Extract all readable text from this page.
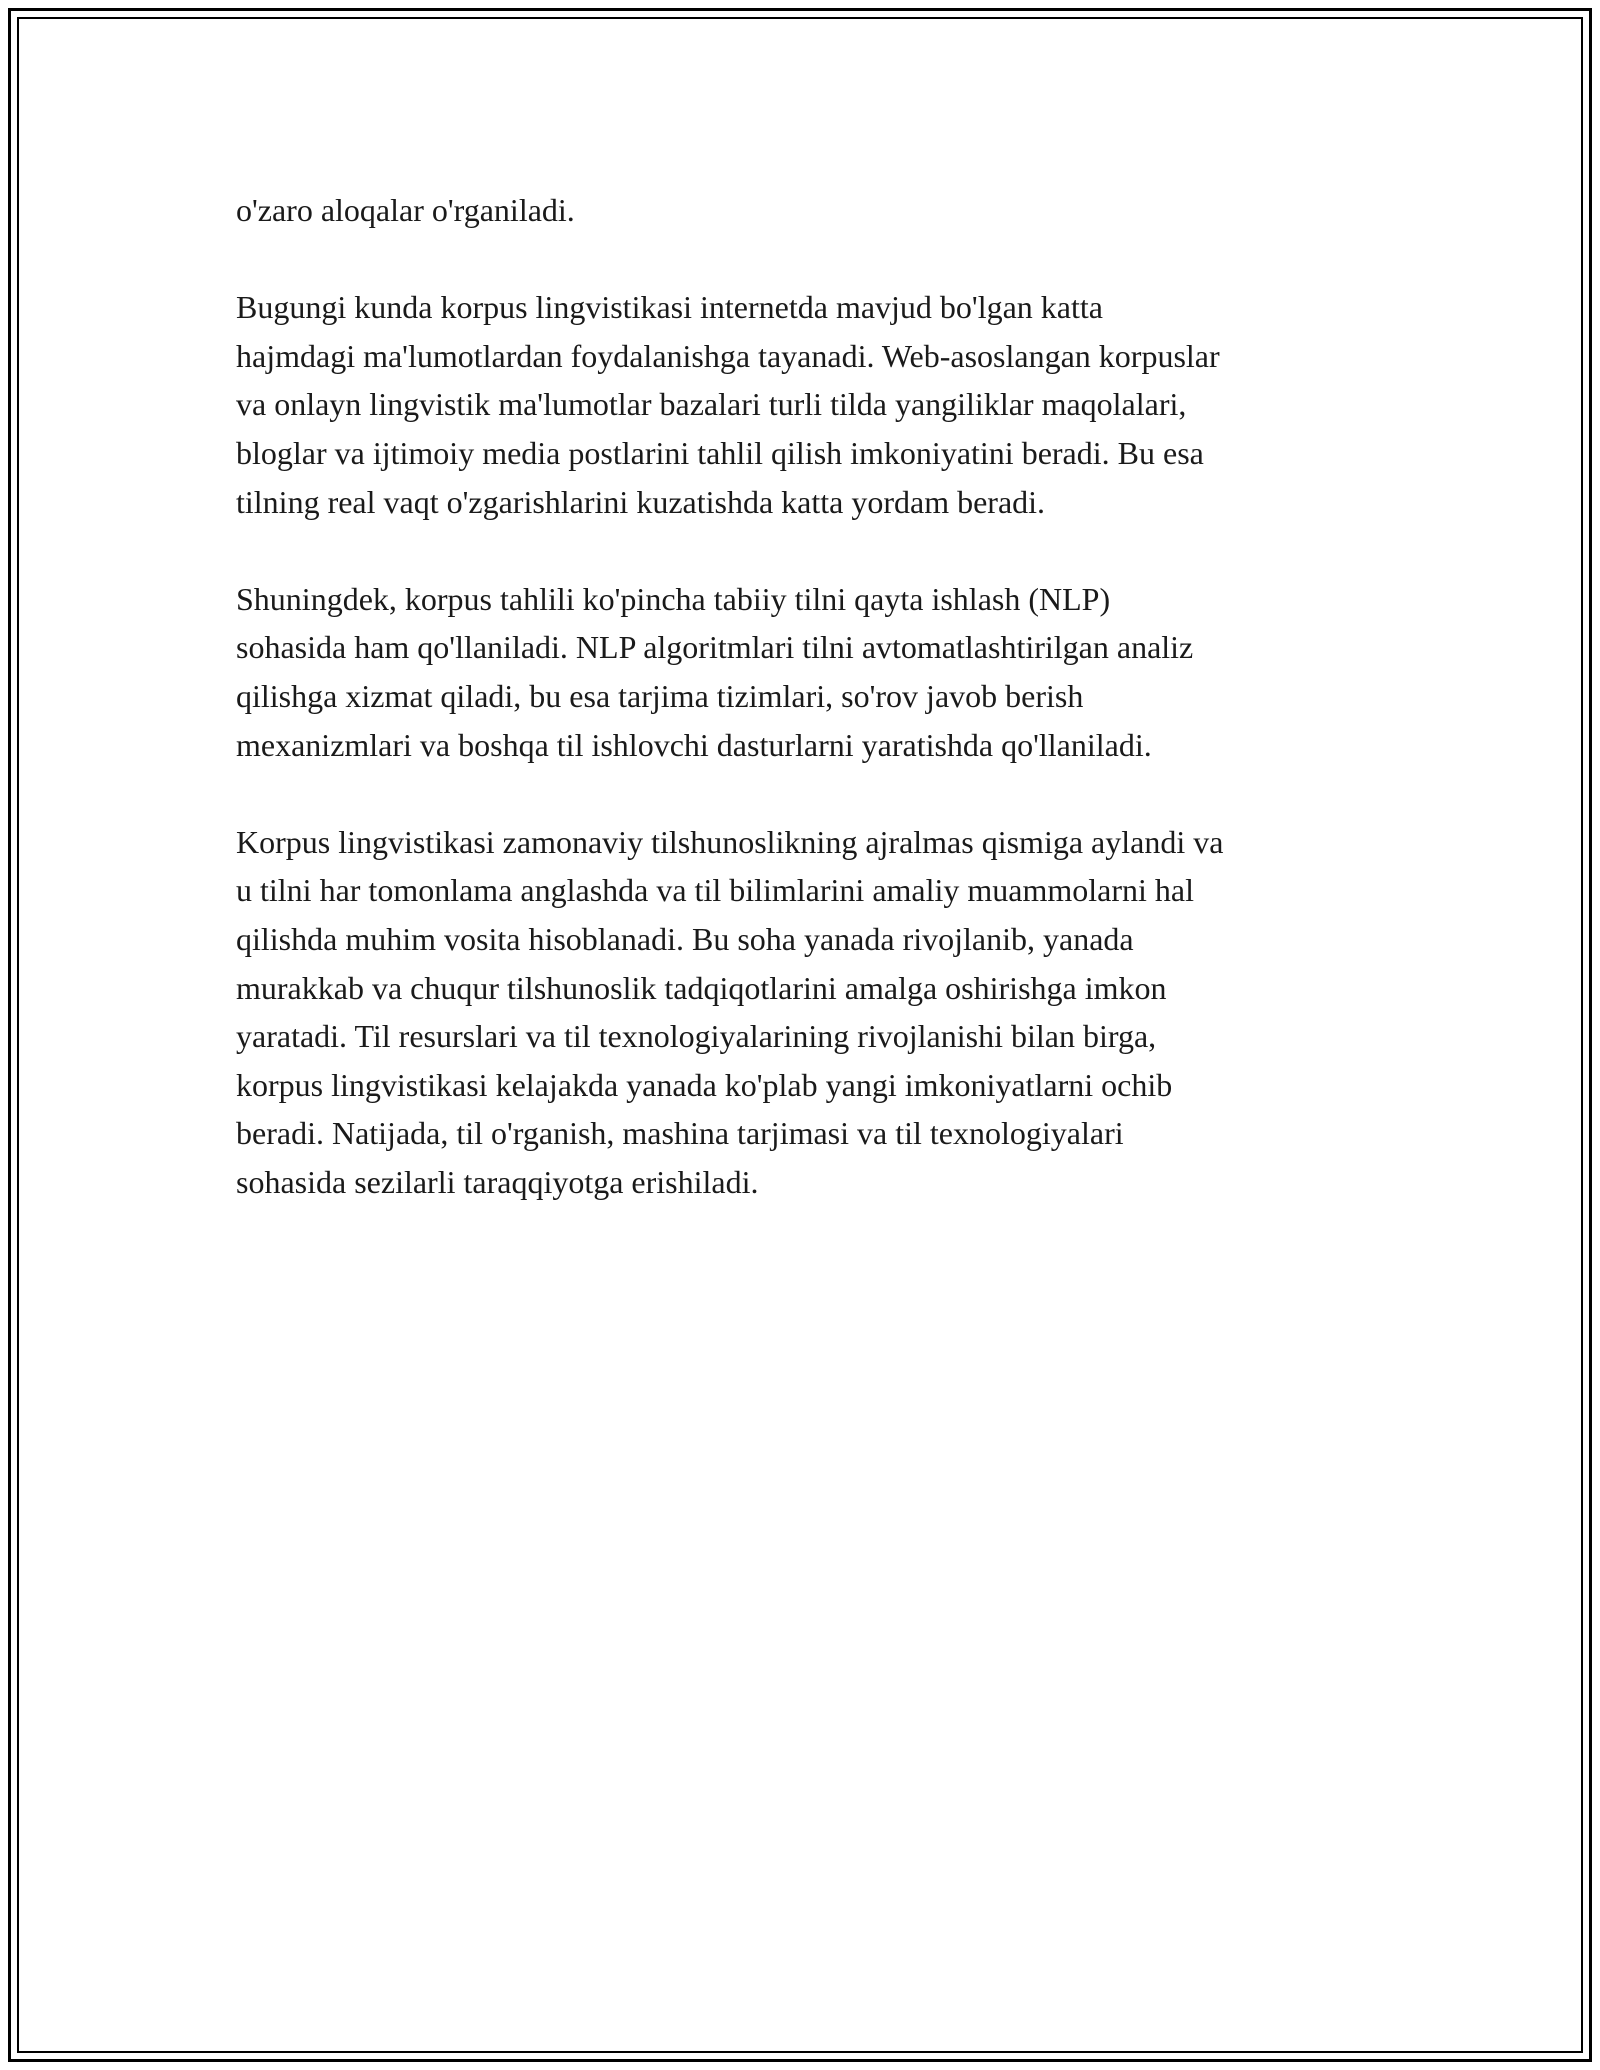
o'zaro aloqalar o'rganiladi.

Bugungi kunda korpus lingvistikasi internetda mavjud bo'lgan katta
hajmdagi ma'lumotlardan foydalanishga tayanadi. Web-asoslangan korpuslar
va onlayn lingvistik ma'lumotlar bazalari turli tilda yangiliklar maqolalari,
bloglar va ijtimoiy media postlarini tahlil qilish imkoniyatini beradi. Bu esa
tilning real vaqt o'zgarishlarini kuzatishda katta yordam beradi.

Shuningdek, korpus tahlili ko'pincha tabiiy tilni qayta ishlash (NLP)
sohasida ham qo'llaniladi. NLP algoritmlari tilni avtomatlashtirilgan analiz
qilishga xizmat qiladi, bu esa tarjima tizimlari, so'rov javob berish
mexanizmlari va boshqa til ishlovchi dasturlarni yaratishda qo'llaniladi.

Korpus lingvistikasi zamonaviy tilshunoslikning ajralmas qismiga aylandi va
u tilni har tomonlama anglashda va til bilimlarini amaliy muammolarni hal
qilishda muhim vosita hisoblanadi. Bu soha yanada rivojlanib, yanada
murakkab va chuqur tilshunoslik tadqiqotlarini amalga oshirishga imkon
yaratadi. Til resurslari va til texnologiyalarining rivojlanishi bilan birga,
korpus lingvistikasi kelajakda yanada ko'plab yangi imkoniyatlarni ochib
beradi. Natijada, til o'rganish, mashina tarjimasi va til texnologiyalari
sohasida sezilarli taraqqiyotga erishiladi.
